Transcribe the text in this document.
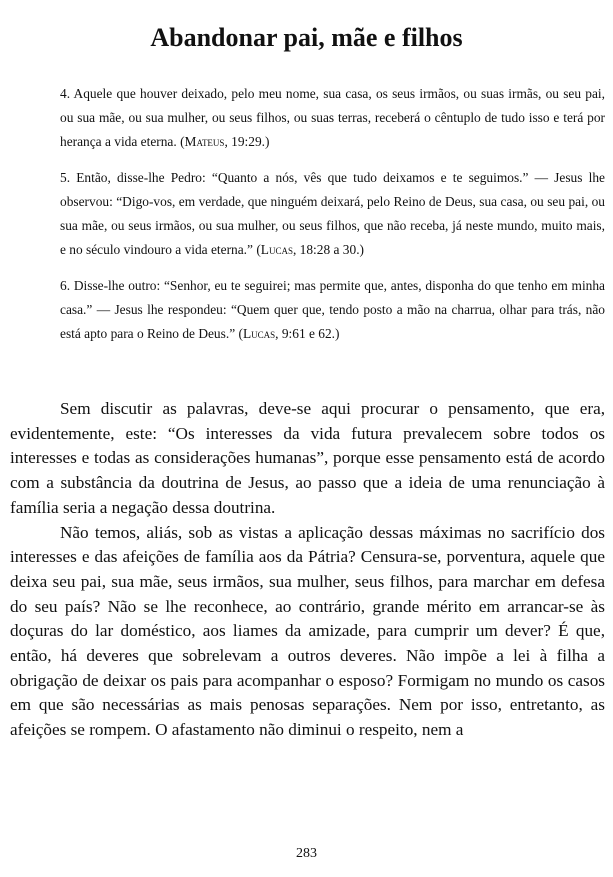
Abandonar pai, mãe e filhos

4. Aquele que houver deixado, pelo meu nome, sua casa, os seus irmãos, ou suas irmãs, ou seu pai, ou sua mãe, ou sua mulher, ou seus filhos, ou suas terras, receberá o cêntuplo de tudo isso e terá por herança a vida eterna. (Mateus, 19:29.)

5. Então, disse-lhe Pedro: “Quanto a nós, vês que tudo deixamos e te seguimos.” — Jesus lhe observou: “Digo-vos, em verdade, que ninguém deixará, pelo Reino de Deus, sua casa, ou seu pai, ou sua mãe, ou seus irmãos, ou sua mulher, ou seus filhos, que não receba, já neste mundo, muito mais, e no século vindouro a vida eterna.” (Lucas, 18:28 a 30.)

6. Disse-lhe outro: “Senhor, eu te seguirei; mas permite que, antes, disponha do que tenho em minha casa.” — Jesus lhe respondeu: “Quem quer que, tendo posto a mão na charrua, olhar para trás, não está apto para o Reino de Deus.” (Lucas, 9:61 e 62.)

Sem discutir as palavras, deve-se aqui procurar o pensamento, que era, evidentemente, este: “Os interesses da vida futura prevalecem sobre todos os interesses e todas as considerações humanas”, porque esse pensamento está de acordo com a substância da doutrina de Jesus, ao passo que a ideia de uma renunciação à família seria a negação dessa doutrina.

Não temos, aliás, sob as vistas a aplicação dessas máximas no sacrifício dos interesses e das afeições de família aos da Pátria? Censura-se, porventura, aquele que deixa seu pai, sua mãe, seus irmãos, sua mulher, seus filhos, para marchar em defesa do seu país? Não se lhe reconhece, ao contrário, grande mérito em arrancar-se às doçuras do lar doméstico, aos liames da amizade, para cumprir um dever? É que, então, há deveres que sobrelevam a outros deveres. Não impõe a lei à filha a obrigação de deixar os pais para acompanhar o esposo? Formigam no mundo os casos em que são necessárias as mais penosas separações. Nem por isso, entretanto, as afeições se rompem. O afastamento não diminui o respeito, nem a

283
